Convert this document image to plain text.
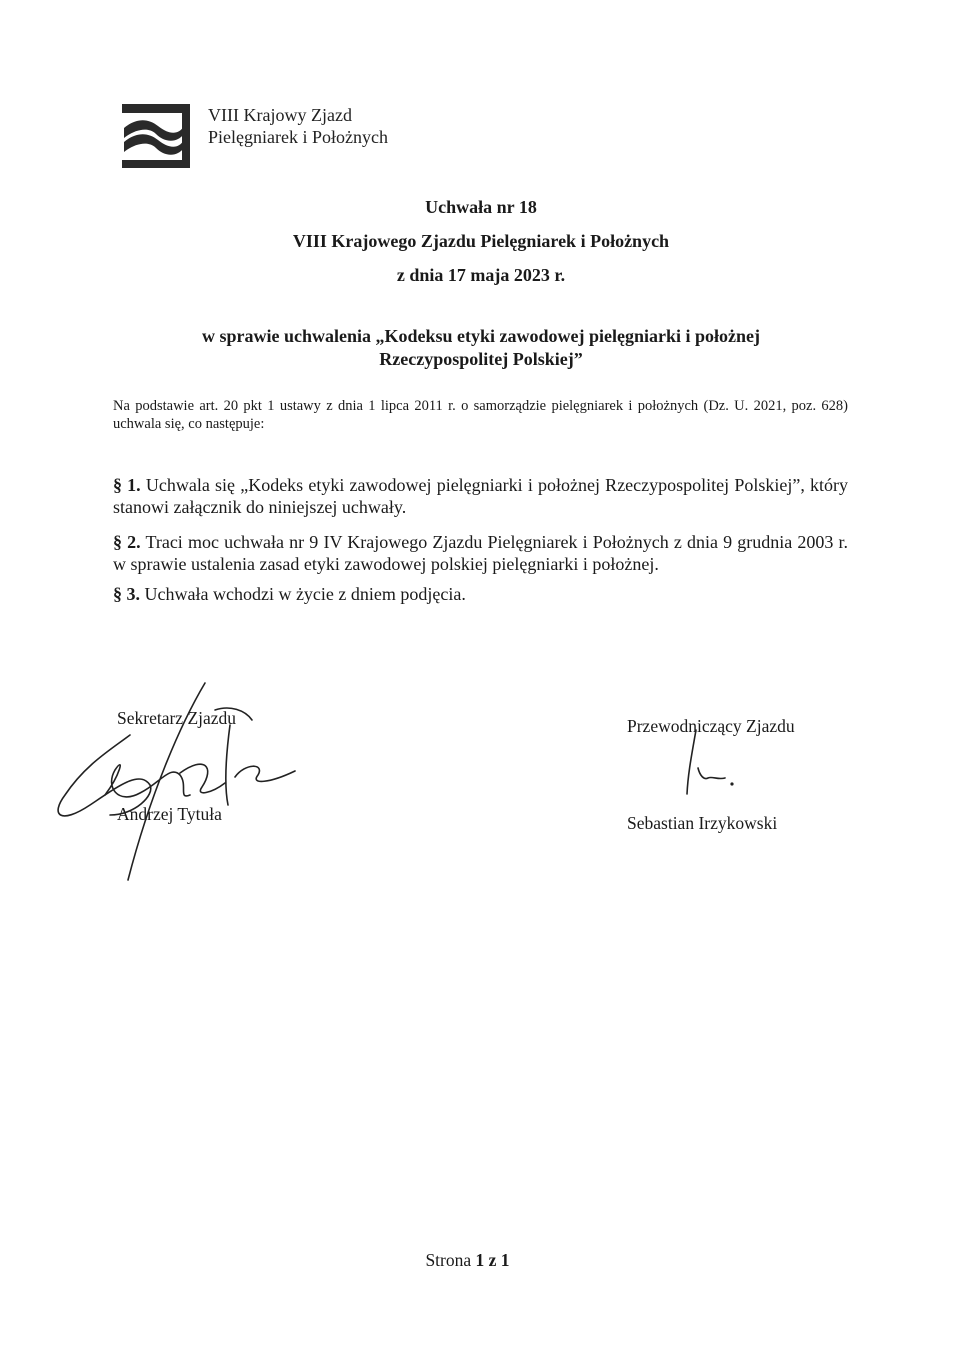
VIII Krajowy Zjazd
Pielęgniarek i Położnych
Uchwała nr 18
VIII Krajowego Zjazdu Pielęgniarek i Położnych
z dnia 17 maja 2023 r.
w sprawie uchwalenia „Kodeksu etyki zawodowej pielęgniarki i położnej
Rzeczypospolitej Polskiej”
Na podstawie art. 20 pkt 1 ustawy z dnia 1 lipca 2011 r. o samorządzie pielęgniarek i położnych (Dz. U. 2021, poz. 628) uchwala się, co następuje:
§ 1. Uchwala się „Kodeks etyki zawodowej pielęgniarki i położnej Rzeczypospolitej Polskiej”, który stanowi załącznik do niniejszej uchwały.
§ 2. Traci moc uchwała nr 9 IV Krajowego Zjazdu Pielęgniarek i Położnych z dnia 9 grudnia 2003 r. w sprawie ustalenia zasad etyki zawodowej polskiej pielęgniarki i położnej.
§ 3. Uchwała wchodzi w życie z dniem podjęcia.
Sekretarz Zjazdu
Andrzej Tytuła
Przewodniczący Zjazdu
Sebastian Irzykowski
Strona 1 z 1
